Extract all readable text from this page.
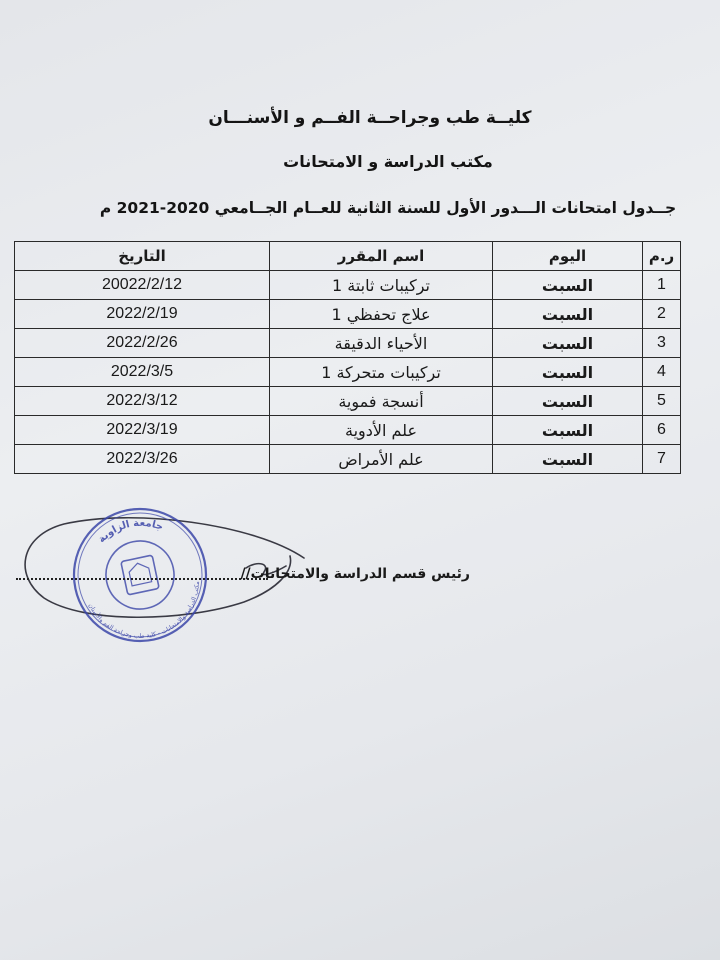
كليــة طب وجراحــة الفــم و الأسنـــان
مكتب الدراسة و الامتحانات
جــدول امتحانات الـــدور الأول للسنة الثانية للعــام الجــامعي 2020-2021 م
ر.م	اليوم	اسم المقرر	التاريخ
1	السبت	تركيبات ثابتة 1	20022/2/12
2	السبت	علاج تحفظي 1	2022/2/19
3	السبت	الأحياء الدقيقة	2022/2/26
4	السبت	تركيبات متحركة 1	2022/3/5
5	السبت	أنسجة فموية	2022/3/12
6	السبت	علم الأدوية	2022/3/19
7	السبت	علم الأمراض	2022/3/26
جامعة الزاوية
مكتب الدراسة والامتحانات - كلية طب وجراحة الفم والأسنان
رئيس قسم الدراسة والامتحانات//
